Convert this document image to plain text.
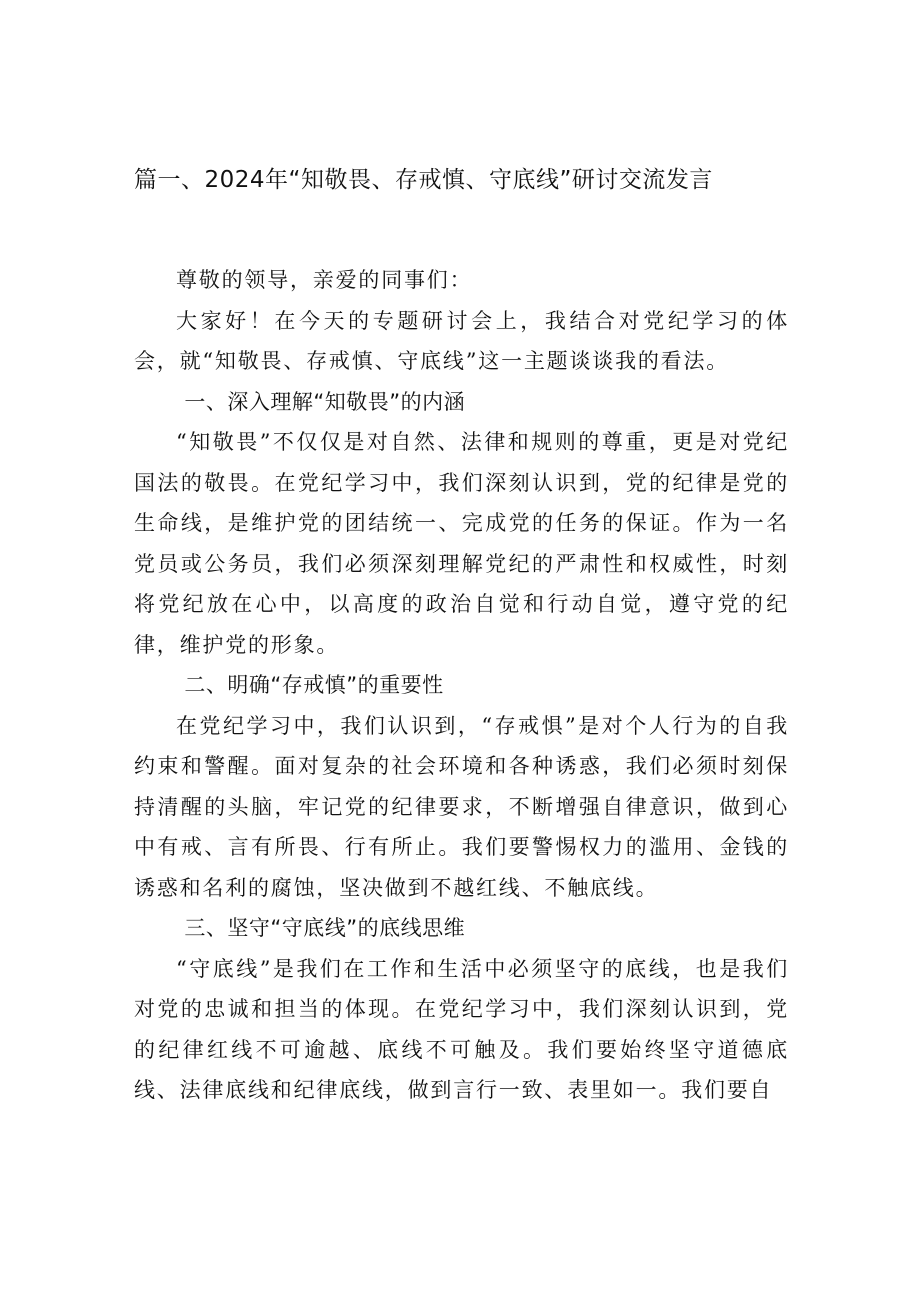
篇一、2024年“知敬畏、存戒慎、守底线”研讨交流发言

尊敬的领导，亲爱的同事们：

大家好！在今天的专题研讨会上，我结合对党纪学习的体会，就“知敬畏、存戒慎、守底线”这一主题谈谈我的看法。

一、深入理解“知敬畏”的内涵

“知敬畏”不仅仅是对自然、法律和规则的尊重，更是对党纪国法的敬畏。在党纪学习中，我们深刻认识到，党的纪律是党的生命线，是维护党的团结统一、完成党的任务的保证。作为一名党员或公务员，我们必须深刻理解党纪的严肃性和权威性，时刻将党纪放在心中，以高度的政治自觉和行动自觉，遵守党的纪律，维护党的形象。

二、明确“存戒慎”的重要性

在党纪学习中，我们认识到，“存戒惧”是对个人行为的自我约束和警醒。面对复杂的社会环境和各种诱惑，我们必须时刻保持清醒的头脑，牢记党的纪律要求，不断增强自律意识，做到心中有戒、言有所畏、行有所止。我们要警惕权力的滥用、金钱的诱惑和名利的腐蚀，坚决做到不越红线、不触底线。

三、坚守“守底线”的底线思维

“守底线”是我们在工作和生活中必须坚守的底线，也是我们对党的忠诚和担当的体现。在党纪学习中，我们深刻认识到，党的纪律红线不可逾越、底线不可触及。我们要始终坚守道德底线、法律底线和纪律底线，做到言行一致、表里如一。我们要自
